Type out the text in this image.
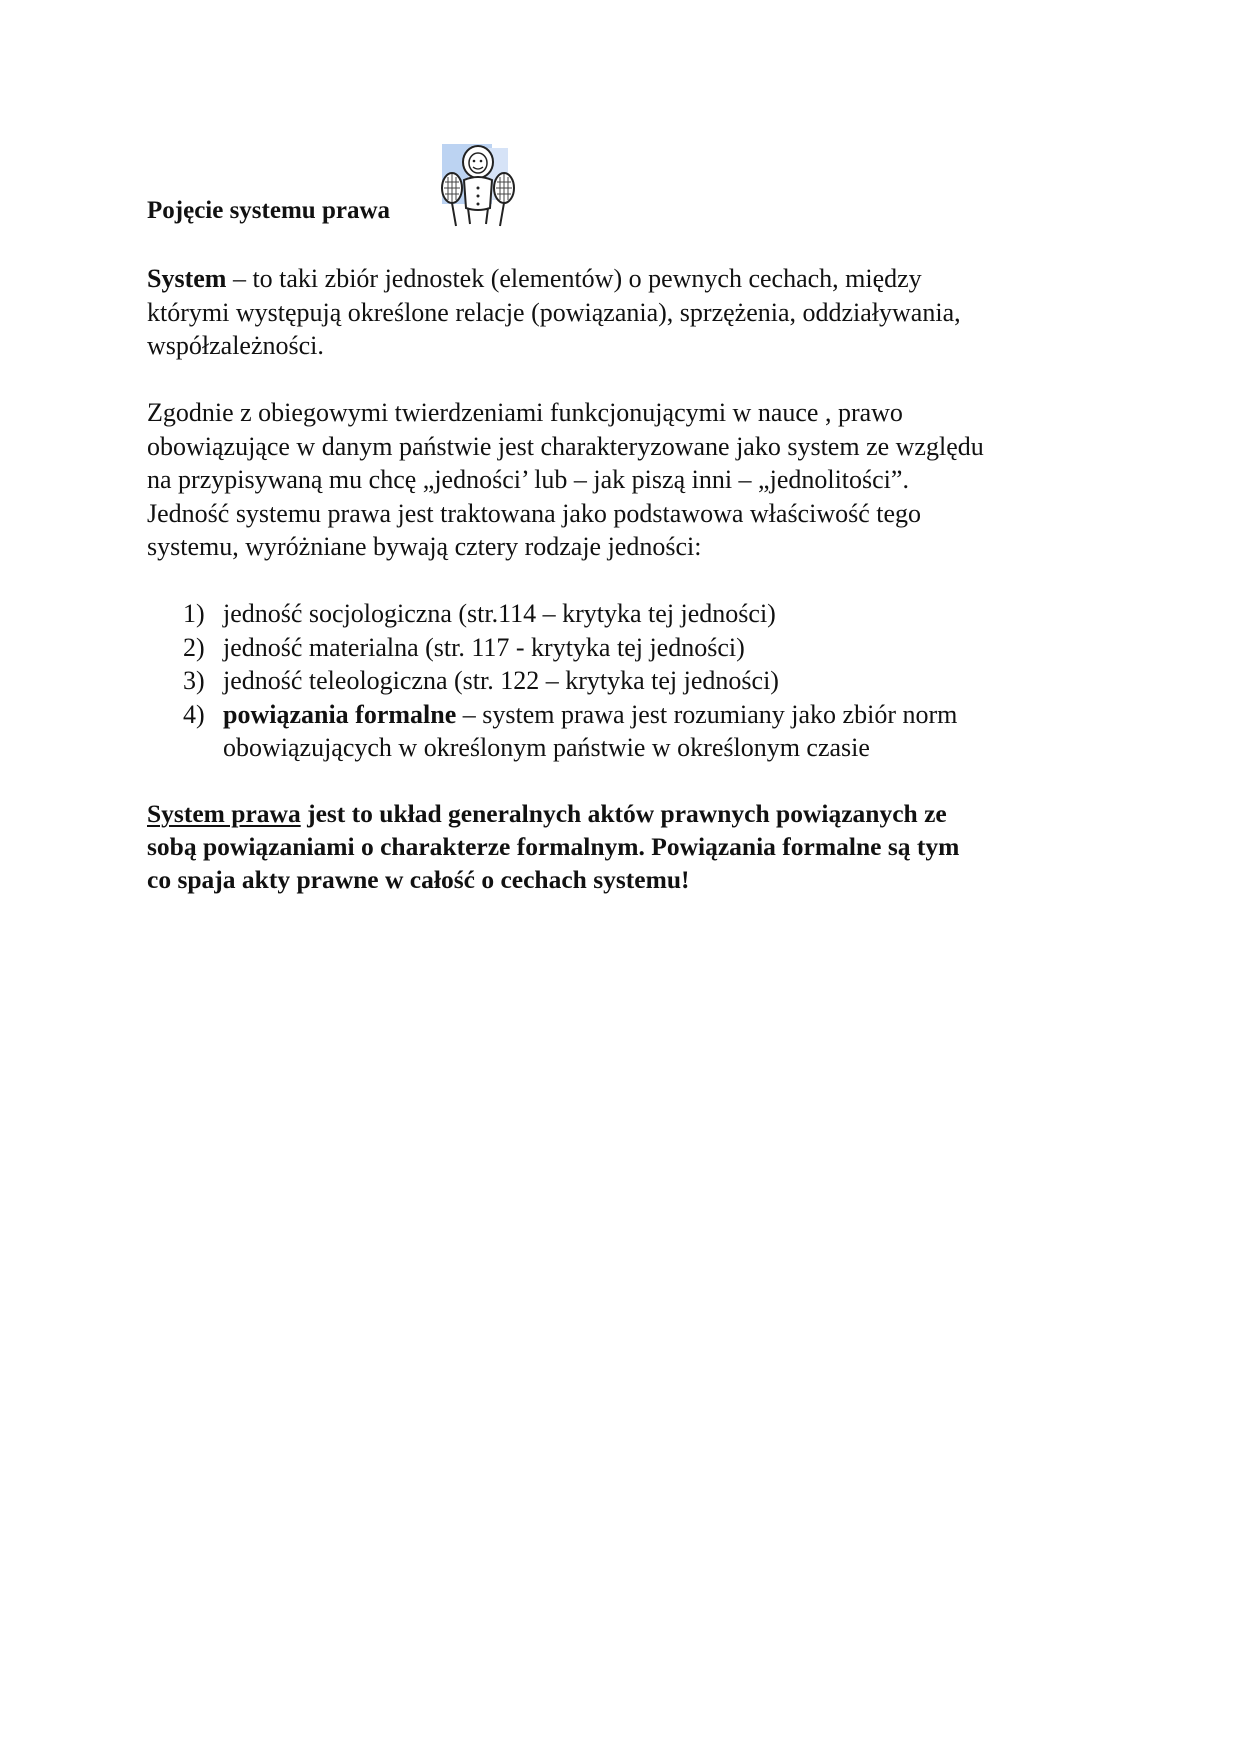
Pojęcie systemu prawa

System – to taki zbiór jednostek (elementów) o pewnych cechach, między
którymi występują określone relacje (powiązania), sprzężenia, oddziaływania,
współzależności.

Zgodnie z obiegowymi twierdzeniami funkcjonującymi w nauce , prawo
obowiązujące w danym państwie jest charakteryzowane jako system ze względu
na przypisywaną mu chcę „jedności’ lub – jak piszą inni – „jednolitości”.
Jedność systemu prawa jest traktowana jako podstawowa właściwość tego
systemu, wyróżniane bywają cztery rodzaje jedności:

1) jedność socjologiczna (str.114 – krytyka tej jedności)
2) jedność materialna (str. 117 - krytyka tej jedności)
3) jedność teleologiczna (str. 122 – krytyka tej jedności)
4) powiązania formalne – system prawa jest rozumiany jako zbiór norm
obowiązujących w określonym państwie w określonym czasie

System prawa jest to układ generalnych aktów prawnych powiązanych ze
sobą powiązaniami o charakterze formalnym. Powiązania formalne są tym
co spaja akty prawne w całość o cechach systemu!
